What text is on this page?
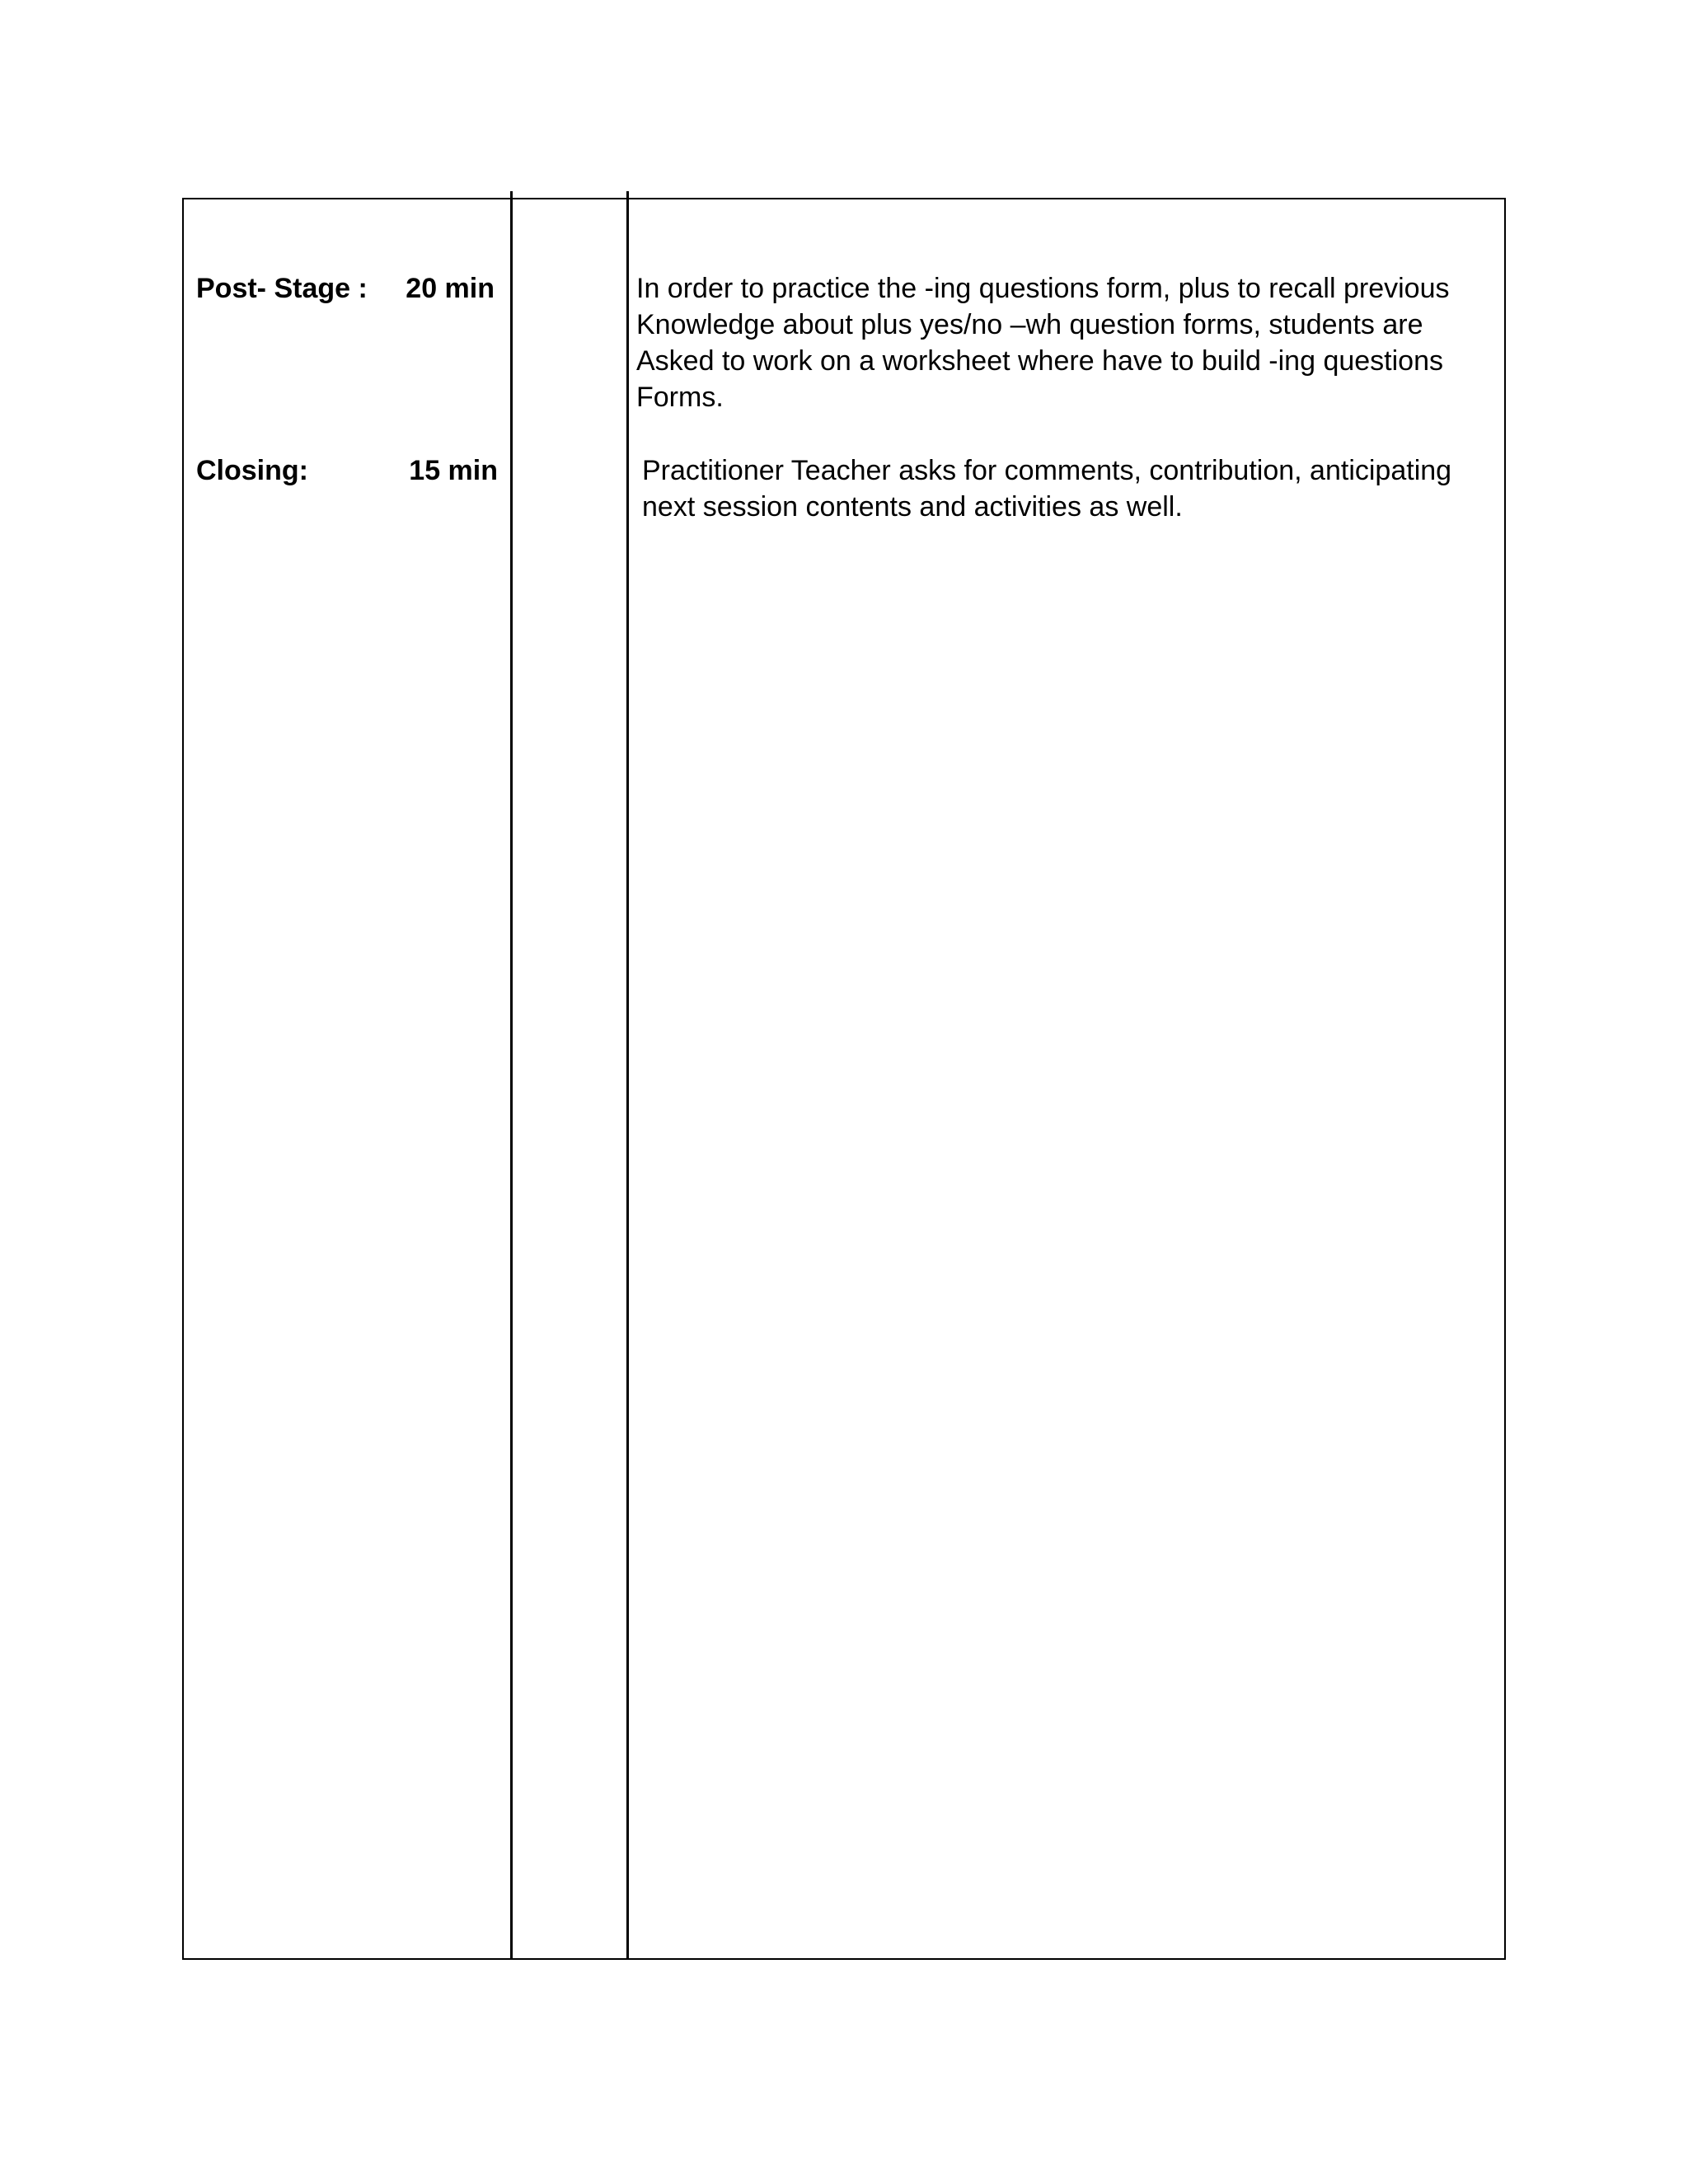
Post- Stage :	20 min	In order to practice the -ing questions form, plus to recall previous
Knowledge about plus yes/no –wh question forms, students are
Asked to work on a worksheet where have to build -ing questions
Forms.
Closing:	15 min	Practitioner Teacher asks for comments, contribution, anticipating
next session contents and activities as well.
